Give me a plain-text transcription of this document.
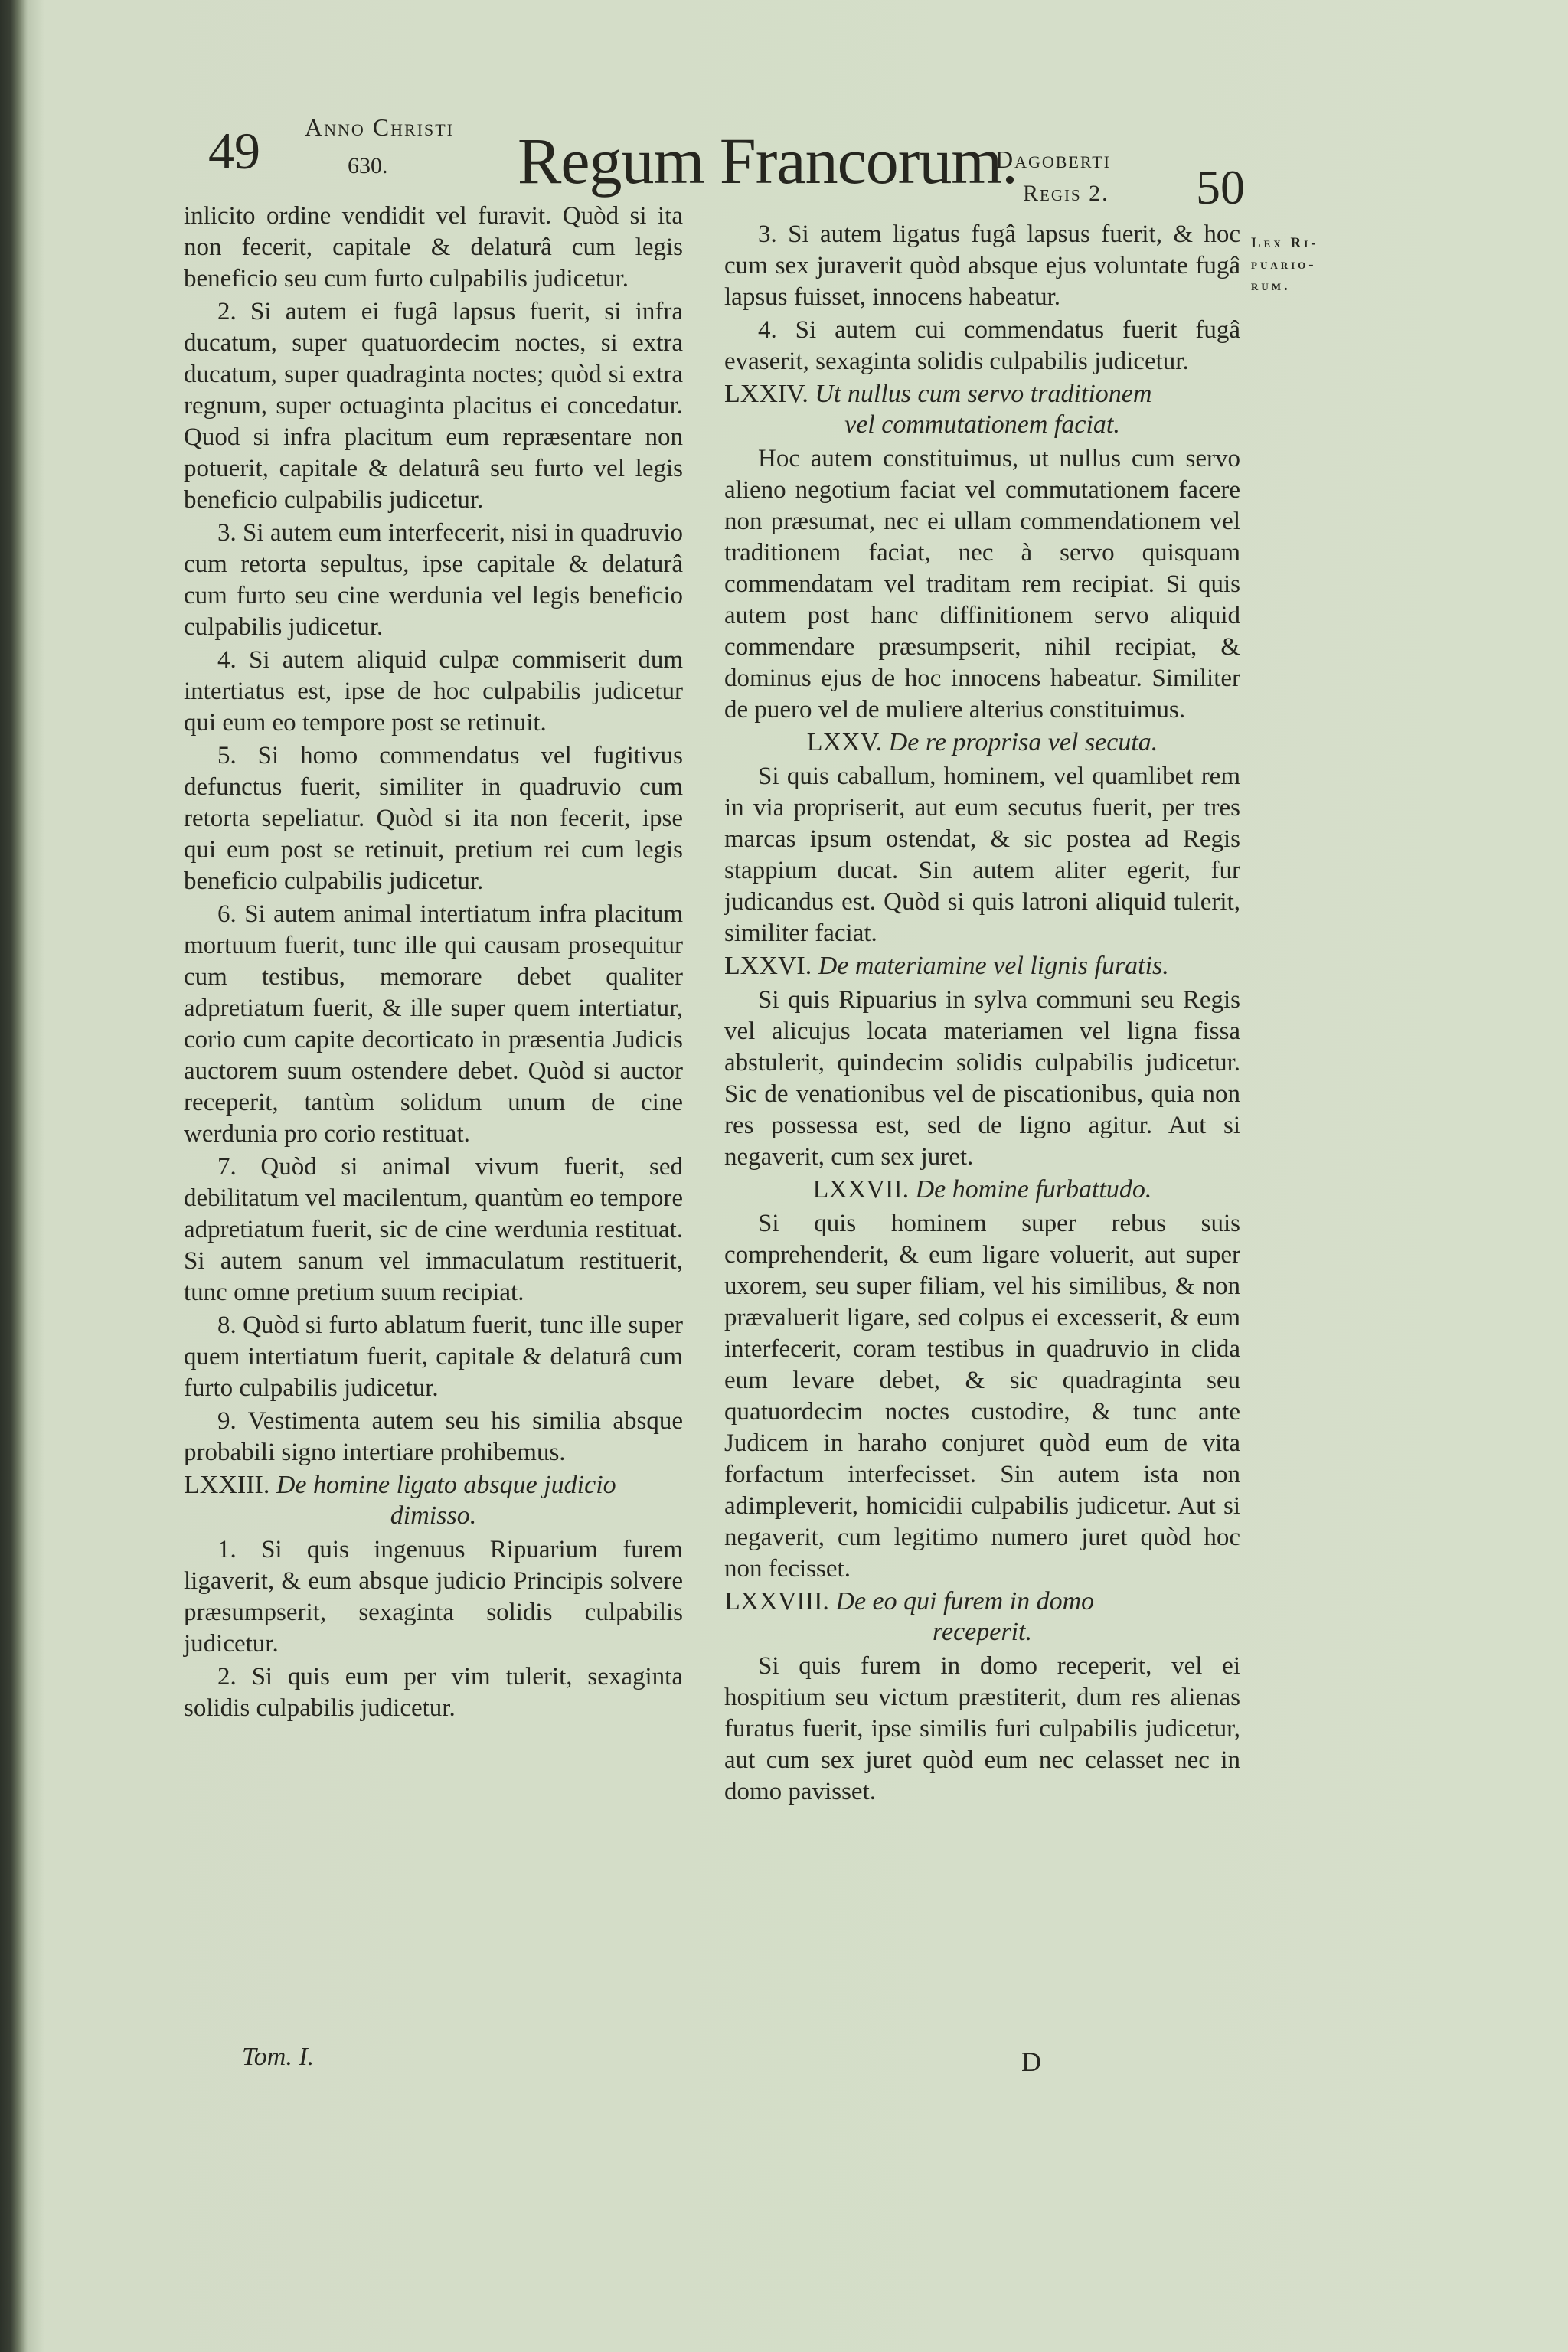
49 Anno Christi
630. Regum Francorum.
Dagoberti
Regis 2. 50
Lex Ri- puario- rum.

inlicito ordine vendidit vel furavit. Quòd si ita non fecerit, capitale & delaturâ cum legis beneficio seu cum furto culpabilis judicetur.

2. Si autem ei fugâ lapsus fuerit, si infra ducatum, super quatuordecim noctes, si extra ducatum, super quadraginta noctes; quòd si extra regnum, super octuaginta placitus ei concedatur. Quod si infra placitum eum repræsentare non potuerit, capitale & delaturâ seu furto vel legis beneficio culpabilis judicetur.

3. Si autem eum interfecerit, nisi in quadruvio cum retorta sepultus, ipse capitale & delaturâ cum furto seu cine werdunia vel legis beneficio culpabilis judicetur.

4. Si autem aliquid culpæ commiserit dum intertiatus est, ipse de hoc culpabilis judicetur qui eum eo tempore post se retinuit.

5. Si homo commendatus vel fugitivus defunctus fuerit, similiter in quadruvio cum retorta sepeliatur. Quòd si ita non fecerit, ipse qui eum post se retinuit, pretium rei cum legis beneficio culpabilis judicetur.

6. Si autem animal intertiatum infra placitum mortuum fuerit, tunc ille qui causam prosequitur cum testibus, memorare debet qualiter adpretiatum fuerit, & ille super quem intertiatur, corio cum capite decorticato in præsentia Judicis auctorem suum ostendere debet. Quòd si auctor receperit, tantùm solidum unum de cine werdunia pro corio restituat.

7. Quòd si animal vivum fuerit, sed debilitatum vel macilentum, quantùm eo tempore adpretiatum fuerit, sic de cine werdunia restituat. Si autem sanum vel immaculatum restituerit, tunc omne pretium suum recipiat.

8. Quòd si furto ablatum fuerit, tunc ille super quem intertiatum fuerit, capitale & delaturâ cum furto culpabilis judicetur.

9. Vestimenta autem seu his similia absque probabili signo intertiare prohibemus.

LXXIII. De homine ligato absque judicio
dimisso.

1. Si quis ingenuus Ripuarium furem ligaverit, & eum absque judicio Principis solvere præsumpserit, sexaginta solidis culpabilis judicetur.

2. Si quis eum per vim tulerit, sexaginta solidis culpabilis judicetur.

3. Si autem ligatus fugâ lapsus fuerit, & hoc cum sex juraverit quòd absque ejus voluntate fugâ lapsus fuisset, innocens habeatur.

4. Si autem cui commendatus fuerit fugâ evaserit, sexaginta solidis culpabilis judicetur.

LXXIV. Ut nullus cum servo traditionem
vel commutationem faciat.

Hoc autem constituimus, ut nullus cum servo alieno negotium faciat vel commutationem facere non præsumat, nec ei ullam commendationem vel traditionem faciat, nec à servo quisquam commendatam vel traditam rem recipiat. Si quis autem post hanc diffinitionem servo aliquid commendare præsumpserit, nihil recipiat, & dominus ejus de hoc innocens habeatur. Similiter de puero vel de muliere alterius constituimus.

LXXV. De re proprisa vel secuta.

Si quis caballum, hominem, vel quamlibet rem in via propriserit, aut eum secutus fuerit, per tres marcas ipsum ostendat, & sic postea ad Regis stappium ducat. Sin autem aliter egerit, fur judicandus est. Quòd si quis latroni aliquid tulerit, similiter faciat.

LXXVI. De materiamine vel lignis furatis.

Si quis Ripuarius in sylva communi seu Regis vel alicujus locata materiamen vel ligna fissa abstulerit, quindecim solidis culpabilis judicetur. Sic de venationibus vel de piscationibus, quia non res possessa est, sed de ligno agitur. Aut si negaverit, cum sex juret.

LXXVII. De homine furbattudo.

Si quis hominem super rebus suis comprehenderit, & eum ligare voluerit, aut super uxorem, seu super filiam, vel his similibus, & non prævaluerit ligare, sed colpus ei excesserit, & eum interfecerit, coram testibus in quadruvio in clida eum levare debet, & sic quadraginta seu quatuordecim noctes custodire, & tunc ante Judicem in haraho conjuret quòd eum de vita forfactum interfecisset. Sin autem ista non adimpleverit, homicidii culpabilis judicetur. Aut si negaverit, cum legitimo numero juret quòd hoc non fecisset.

LXXVIII. De eo qui furem in domo
receperit.

Si quis furem in domo receperit, vel ei hospitium seu victum præstiterit, dum res alienas furatus fuerit, ipse similis furi culpabilis judicetur, aut cum sex juret quòd eum nec celasset nec in domo pavisset.

Tom. I.	D
